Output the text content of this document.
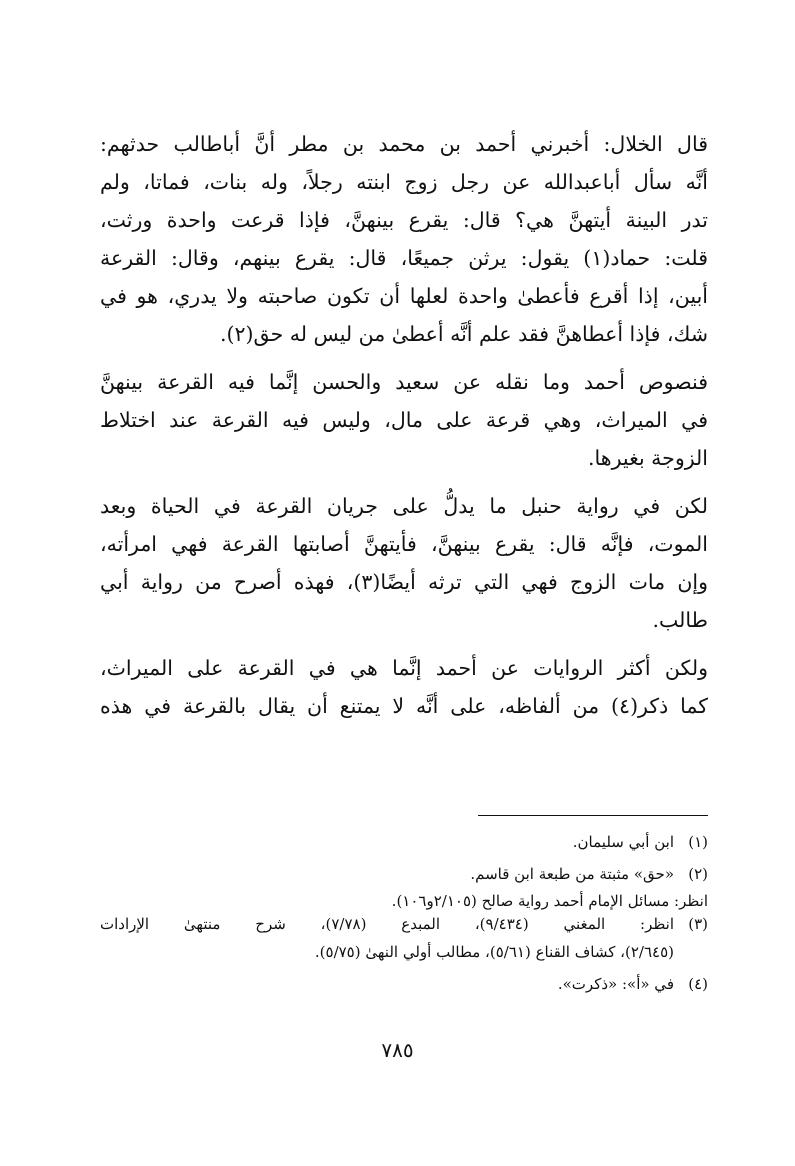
قال الخلال: أخبرني أحمد بن محمد بن مطر أنَّ أباطالب حدثهم:
أنَّه سأل أباعبدالله عن رجل زوج ابنته رجلاً، وله بنات، فماتا، ولم
تدر البينة أيتهنَّ هي؟ قال: يقرع بينهنَّ، فإذا قرعت واحدة ورثت،
قلت: حماد(١) يقول: يرثن جميعًا، قال: يقرع بينهم، وقال: القرعة
أبين، إذا أقرع فأعطىٰ واحدة لعلها أن تكون صاحبته ولا يدري، هو في
شك، فإذا أعطاهنَّ فقد علم أنَّه أعطىٰ من ليس له حق(٢).
فنصوص أحمد وما نقله عن سعيد والحسن إنَّما فيه القرعة بينهنَّ
في الميراث، وهي قرعة على مال، وليس فيه القرعة عند اختلاط
الزوجة بغيرها.
لكن في رواية حنبل ما يدلُّ على جريان القرعة في الحياة وبعد
الموت، فإنَّه قال: يقرع بينهنَّ، فأيتهنَّ أصابتها القرعة فهي امرأته،
وإن مات الزوج فهي التي ترثه أيضًا(٣)، فهذه أصرح من رواية أبي
طالب.
ولكن أكثر الروايات عن أحمد إنَّما هي في القرعة على الميراث،
كما ذكر(٤) من ألفاظه، على أنَّه لا يمتنع أن يقال بالقرعة في هذه
(١)
ابن أبي سليمان.
(٢)
«حق» مثبتة من طبعة ابن قاسم.
انظر: مسائل الإمام أحمد رواية صالح (٢/١٠٥و١٠٦).
(٣)
انظر: المغني (٩/٤٣٤)، المبدع (٧/٧٨)، شرح منتهىٰ الإرادات
(٢/٦٤٥)، كشاف القناع (٥/٦١)، مطالب أولي النهىٰ (٥/٧٥).
(٤)
في «أ»: «ذكرت».
٧٨٥
